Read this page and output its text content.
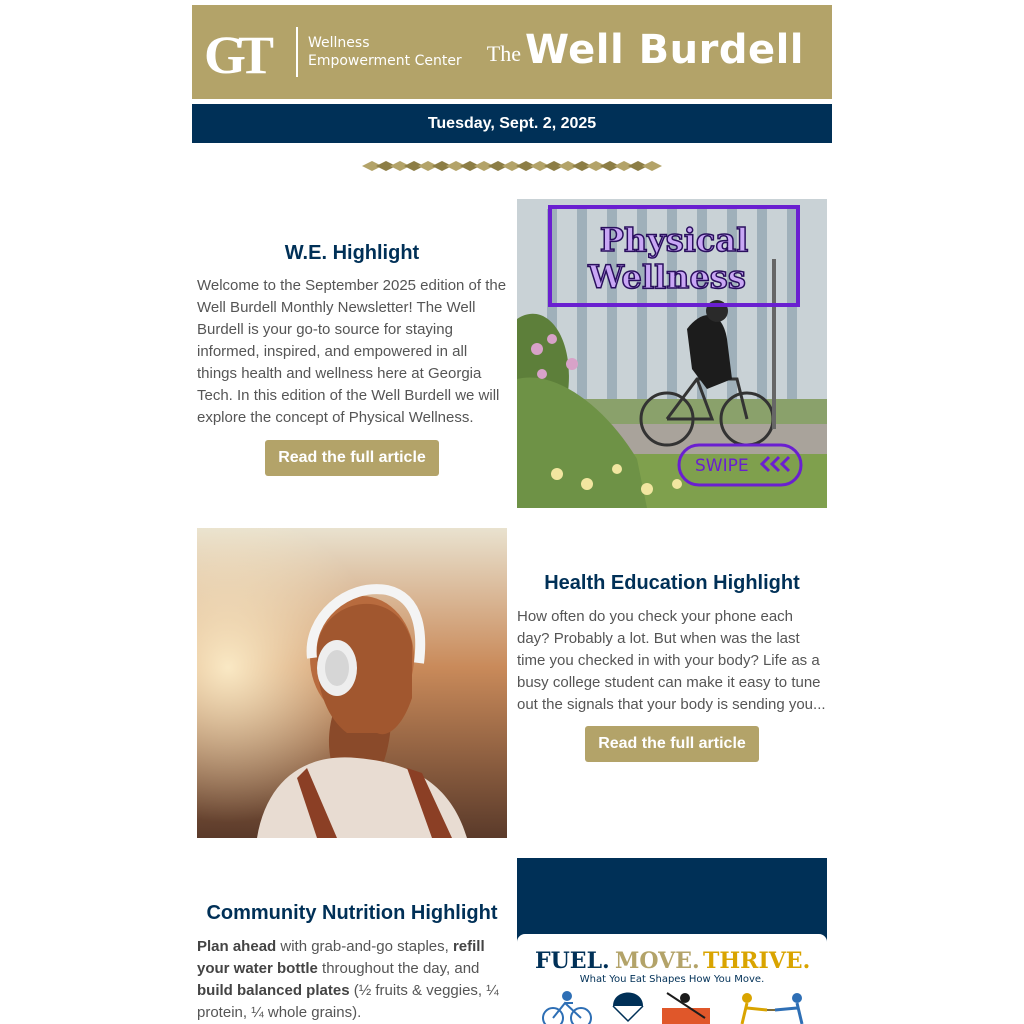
GT	Wellness
Empowerment Center The Well Burdell
Tuesday, Sept. 2, 2025
W.E. Highlight
Welcome to the September 2025 edition of the Well Burdell Monthly Newsletter! The Well Burdell is your go-to source for staying informed, inspired, and empowered in all things health and wellness here at Georgia Tech. In this edition of the Well Burdell we will explore the concept of Physical Wellness.
Read the full article
Physical
Wellness
SWIPE
Health Education Highlight
How often do you check your phone each day? Probably a lot. But when was the last time you checked in with your body? Life as a busy college student can make it easy to tune out the signals that your body is sending you...
Read the full article
Community Nutrition Highlight
Plan ahead with grab-and-go staples, refill your water bottle throughout the day, and build balanced plates (½ fruits & veggies, ¼ protein, ¼ whole grains).
FUEL. MOVE. THRIVE.
What You Eat Shapes How You Move.
